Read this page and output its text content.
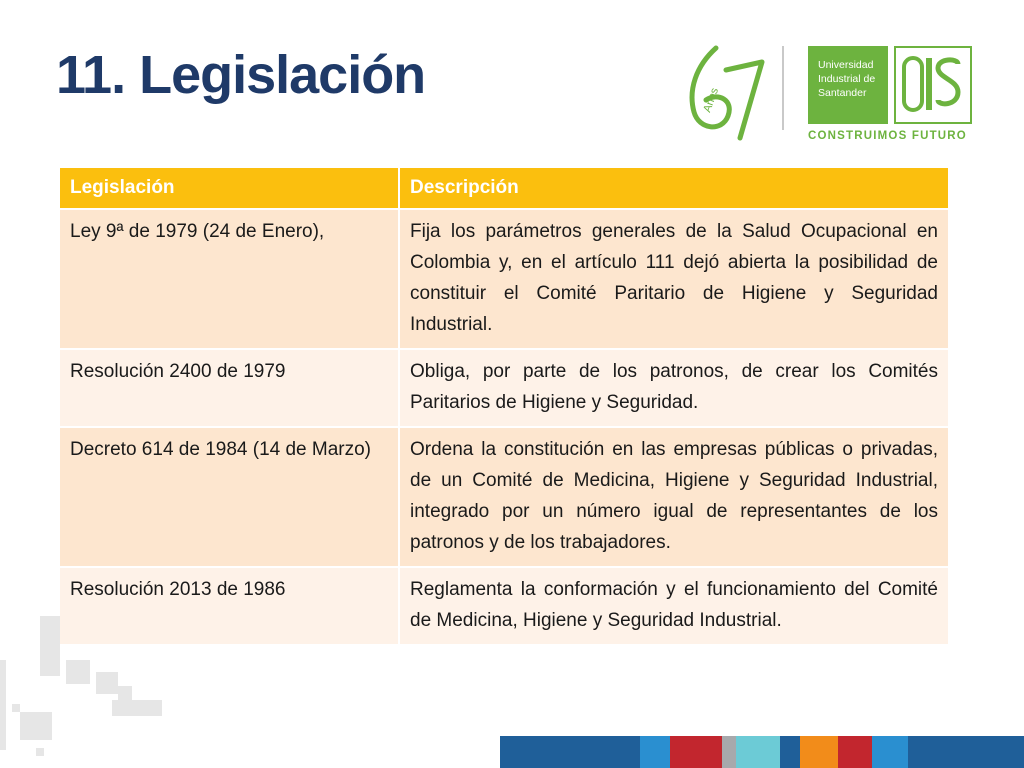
11. Legislación	Años
67
Universidad
Industrial de
Santander
CONSTRUIMOS FUTURO
Legislación	Descripción
Ley 9ª de 1979 (24 de Enero),	Fija los parámetros generales de la Salud Ocupacional en Colombia y, en el artículo 111 dejó abierta la posibilidad de constituir el Comité Paritario de Higiene y Seguridad Industrial.
Resolución 2400 de 1979	Obliga, por parte de los patronos, de crear los Comités Paritarios de Higiene y Seguridad.
Decreto 614 de 1984 (14 de Marzo)	Ordena la constitución en las empresas públicas o privadas, de un Comité de Medicina, Higiene y Seguridad Industrial, integrado por un número igual de representantes de los patronos y de los trabajadores.
Resolución 2013 de 1986	Reglamenta la conformación y el funcionamiento del Comité de Medicina, Higiene y Seguridad Industrial.
